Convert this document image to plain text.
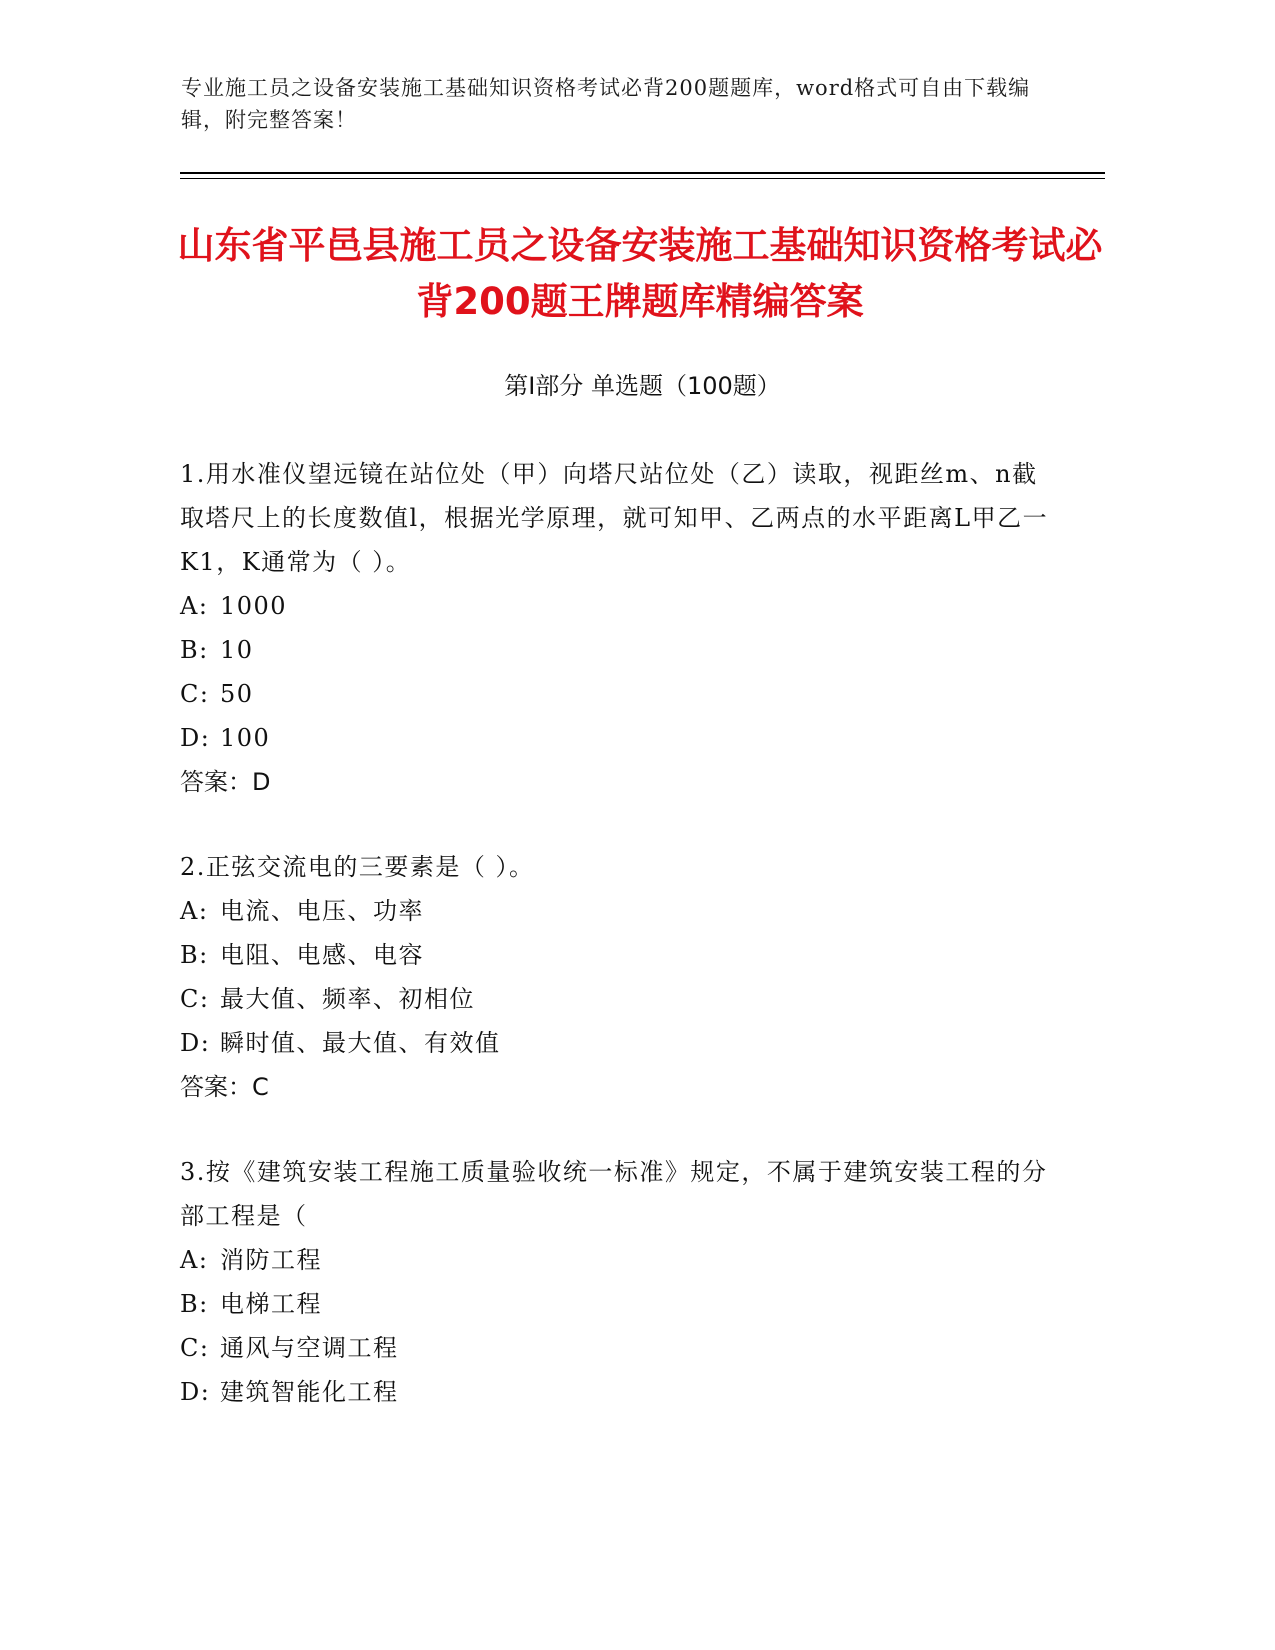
专业施工员之设备安装施工基础知识资格考试必背200题题库，word格式可自由下载编辑，附完整答案！
山东省平邑县施工员之设备安装施工基础知识资格考试必背200题王牌题库精编答案
第Ⅰ部分 单选题（100题）
1.用水准仪望远镜在站位处（甲）向塔尺站位处（乙）读取，视距丝m、n截取塔尺上的长度数值l，根据光学原理，就可知甲、乙两点的水平距离L甲乙一K1，K通常为（ ）。
A: 1000
B: 10
C: 50
D: 100
答案：D
2.正弦交流电的三要素是（ ）。
A: 电流、电压、功率
B: 电阻、电感、电容
C: 最大值、频率、初相位
D: 瞬时值、最大值、有效值
答案：C
3.按《建筑安装工程施工质量验收统一标准》规定，不属于建筑安装工程的分部工程是（
A: 消防工程
B: 电梯工程
C: 通风与空调工程
D: 建筑智能化工程
